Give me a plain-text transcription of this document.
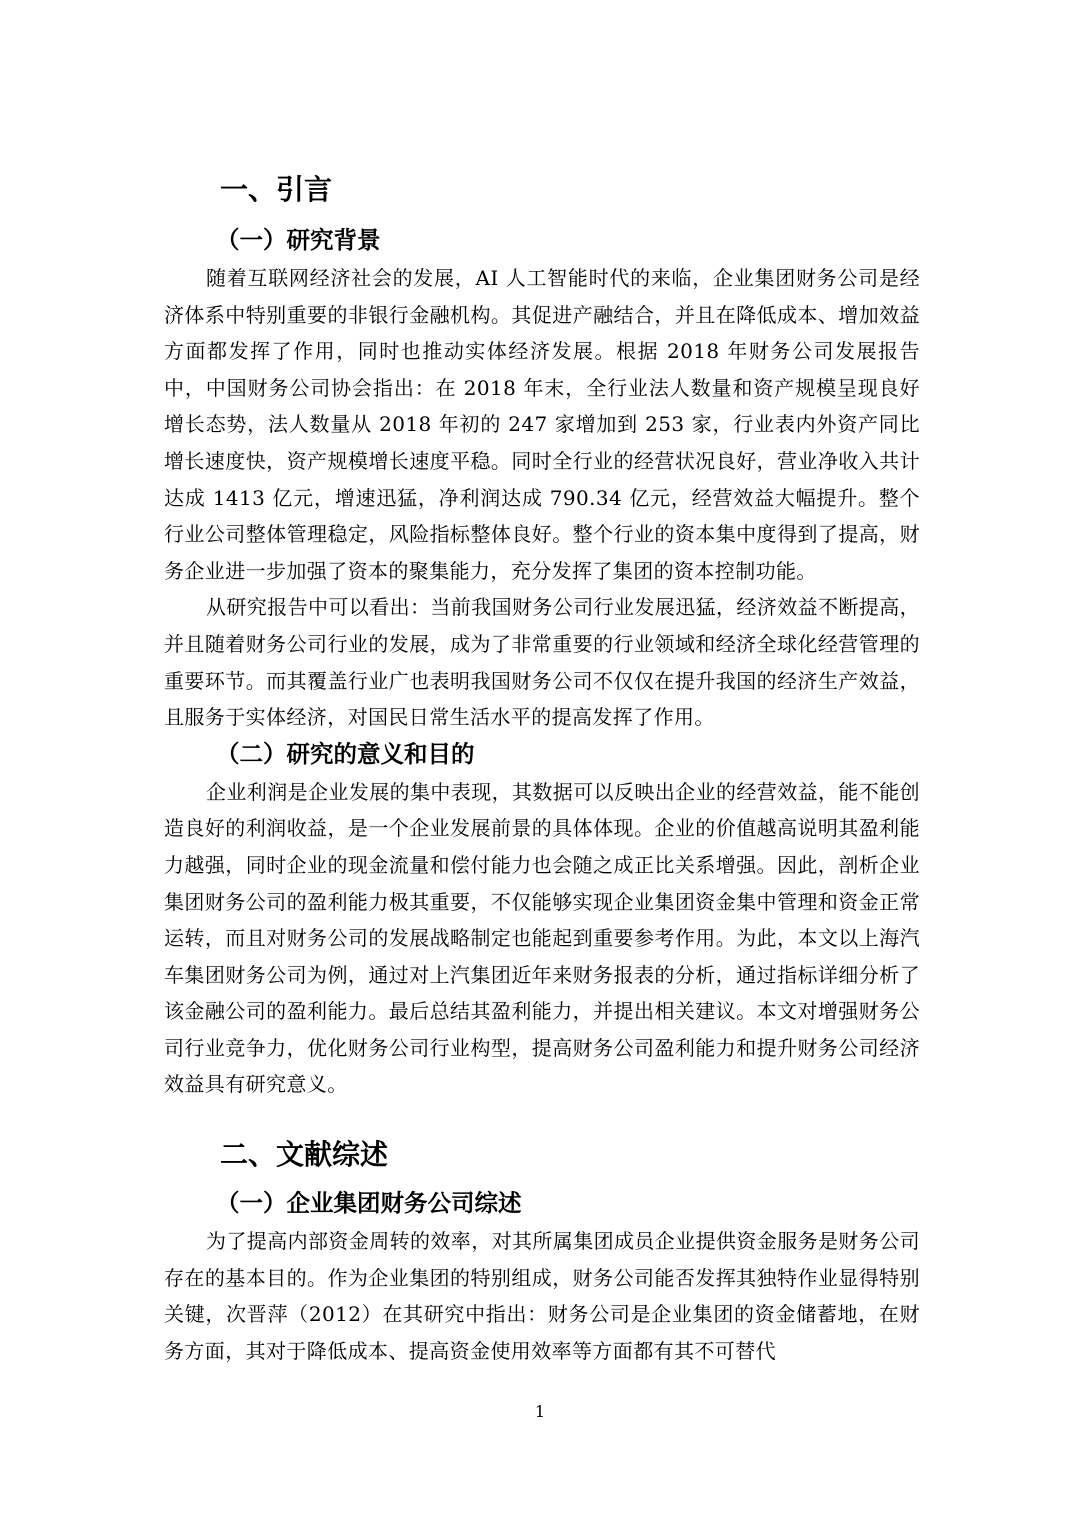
一、引言
（一）研究背景

随着互联网经济社会的发展，AI 人工智能时代的来临，企业集团财务公司是经济体系中特别重要的非银行金融机构。其促进产融结合，并且在降低成本、增加效益方面都发挥了作用，同时也推动实体经济发展。根据 2018 年财务公司发展报告中，中国财务公司协会指出：在 2018 年末，全行业法人数量和资产规模呈现良好增长态势，法人数量从 2018 年初的 247 家增加到 253 家，行业表内外资产同比增长速度快，资产规模增长速度平稳。同时全行业的经营状况良好，营业净收入共计达成 1413 亿元，增速迅猛，净利润达成 790.34 亿元，经营效益大幅提升。整个行业公司整体管理稳定，风险指标整体良好。整个行业的资本集中度得到了提高，财务企业进一步加强了资本的聚集能力，充分发挥了集团的资本控制功能。

从研究报告中可以看出：当前我国财务公司行业发展迅猛，经济效益不断提高，并且随着财务公司行业的发展，成为了非常重要的行业领域和经济全球化经营管理的重要环节。而其覆盖行业广也表明我国财务公司不仅仅在提升我国的经济生产效益，且服务于实体经济，对国民日常生活水平的提高发挥了作用。

（二）研究的意义和目的

企业利润是企业发展的集中表现，其数据可以反映出企业的经营效益，能不能创造良好的利润收益，是一个企业发展前景的具体体现。企业的价值越高说明其盈利能力越强，同时企业的现金流量和偿付能力也会随之成正比关系增强。因此，剖析企业集团财务公司的盈利能力极其重要，不仅能够实现企业集团资金集中管理和资金正常运转，而且对财务公司的发展战略制定也能起到重要参考作用。为此，本文以上海汽车集团财务公司为例，通过对上汽集团近年来财务报表的分析，通过指标详细分析了该金融公司的盈利能力。最后总结其盈利能力，并提出相关建议。本文对增强财务公司行业竞争力，优化财务公司行业构型，提高财务公司盈利能力和提升财务公司经济效益具有研究意义。

二、文献综述
（一）企业集团财务公司综述

为了提高内部资金周转的效率，对其所属集团成员企业提供资金服务是财务公司存在的基本目的。作为企业集团的特别组成，财务公司能否发挥其独特作业显得特别关键，次晋萍（2012）在其研究中指出：财务公司是企业集团的资金储蓄地，在财务方面，其对于降低成本、提高资金使用效率等方面都有其不可替代

1
